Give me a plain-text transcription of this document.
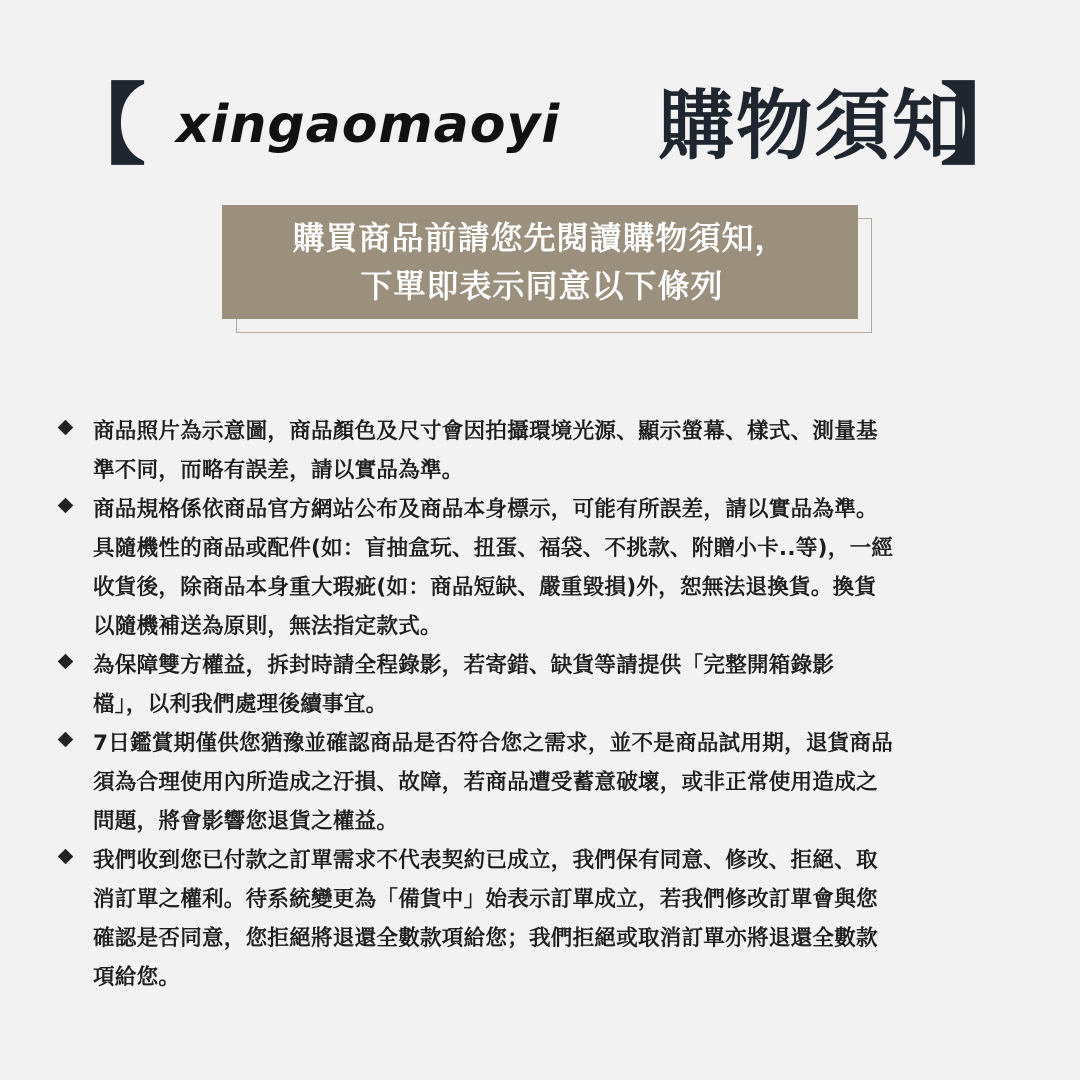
【 xingaomaoyi 購物須知
】
購買商品前請您先閱讀購物須知，
下單即表示同意以下條列
商品照片為示意圖，商品顏色及尺寸會因拍攝環境光源、顯示螢幕、樣式、測量基
準不同，而略有誤差，請以實品為準。
商品規格係依商品官方網站公布及商品本身標示，可能有所誤差，請以實品為準。
具隨機性的商品或配件(如：盲抽盒玩、扭蛋、福袋、不挑款、附贈小卡..等)，一經
收貨後，除商品本身重大瑕疵(如：商品短缺、嚴重毀損)外，恕無法退換貨。換貨
以隨機補送為原則，無法指定款式。
為保障雙方權益，拆封時請全程錄影，若寄錯、缺貨等請提供「完整開箱錄影
檔」，以利我們處理後續事宜。
7日鑑賞期僅供您猶豫並確認商品是否符合您之需求，並不是商品試用期，退貨商品
須為合理使用內所造成之汙損、故障，若商品遭受蓄意破壞，或非正常使用造成之
問題，將會影響您退貨之權益。
我們收到您已付款之訂單需求不代表契約已成立，我們保有同意、修改、拒絕、取
消訂單之權利。待系統變更為「備貨中」始表示訂單成立，若我們修改訂單會與您
確認是否同意，您拒絕將退還全數款項給您；我們拒絕或取消訂單亦將退還全數款
項給您。
